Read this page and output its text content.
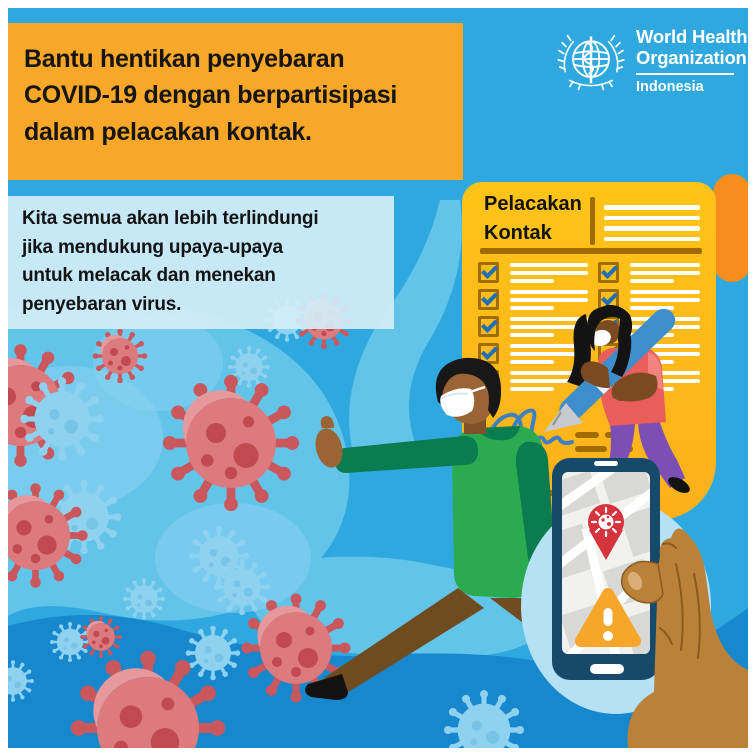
Kita semua akan lebih terlindungi
jika mendukung upaya-upaya
untuk melacak dan menekan
penyebaran virus.
Bantu hentikan penyebaran
COVID-19 dengan berpartisipasi
dalam pelacakan kontak.
World Health
Organization
Indonesia
Pelacakan
Kontak
